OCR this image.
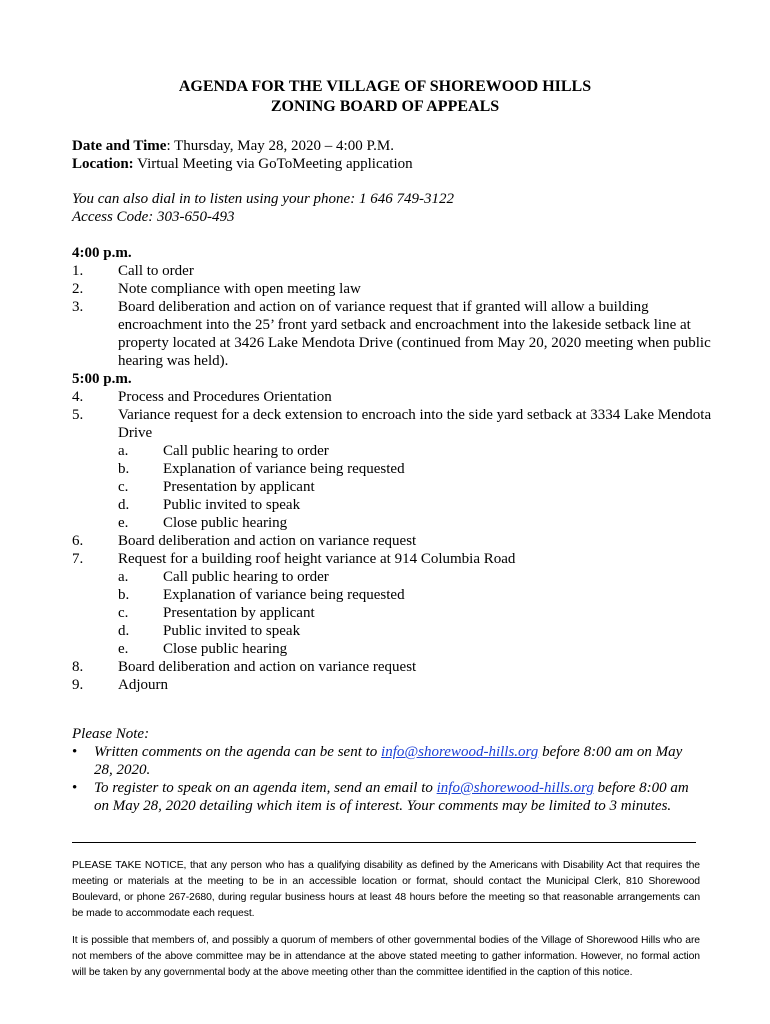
AGENDA FOR THE VILLAGE OF SHOREWOOD HILLS
ZONING BOARD OF APPEALS
Date and Time: Thursday, May 28, 2020 – 4:00 P.M.
Location: Virtual Meeting via GoToMeeting application
You can also dial in to listen using your phone: 1 646 749-3122
Access Code: 303-650-493
4:00 p.m.
1. Call to order
2. Note compliance with open meeting law
3. Board deliberation and action on of variance request that if granted will allow a building encroachment into the 25’ front yard setback and encroachment into the lakeside setback line at property located at 3426 Lake Mendota Drive (continued from May 20, 2020 meeting when public hearing was held).
5:00 p.m.
4. Process and Procedures Orientation
5. Variance request for a deck extension to encroach into the side yard setback at 3334 Lake Mendota Drive
a. Call public hearing to order
b. Explanation of variance being requested
c. Presentation by applicant
d. Public invited to speak
e. Close public hearing
6. Board deliberation and action on variance request
7. Request for a building roof height variance at 914 Columbia Road
a. Call public hearing to order
b. Explanation of variance being requested
c. Presentation by applicant
d. Public invited to speak
e. Close public hearing
8. Board deliberation and action on variance request
9. Adjourn
Please Note:
• Written comments on the agenda can be sent to info@shorewood-hills.org before 8:00 am on May 28, 2020.
• To register to speak on an agenda item, send an email to info@shorewood-hills.org before 8:00 am on May 28, 2020 detailing which item is of interest. Your comments may be limited to 3 minutes.
PLEASE TAKE NOTICE, that any person who has a qualifying disability as defined by the Americans with Disability Act that requires the meeting or materials at the meeting to be in an accessible location or format, should contact the Municipal Clerk, 810 Shorewood Boulevard, or phone 267-2680, during regular business hours at least 48 hours before the meeting so that reasonable arrangements can be made to accommodate each request.
It is possible that members of, and possibly a quorum of members of other governmental bodies of the Village of Shorewood Hills who are not members of the above committee may be in attendance at the above stated meeting to gather information. However, no formal action will be taken by any governmental body at the above meeting other than the committee identified in the caption of this notice.
